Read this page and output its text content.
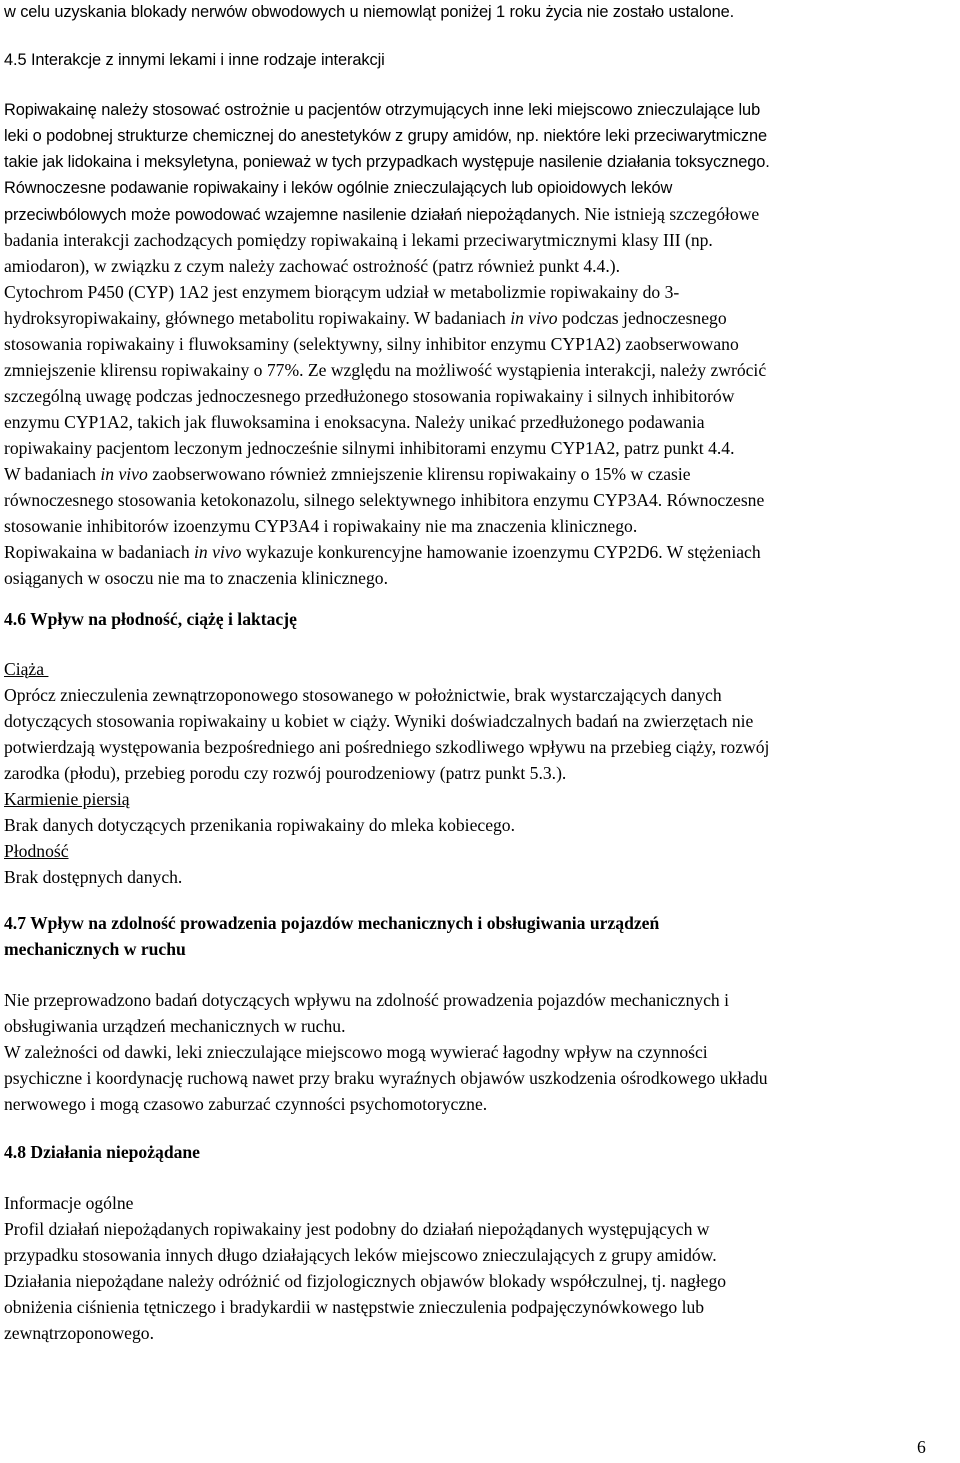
w celu uzyskania blokady nerwów obwodowych u niemowląt poniżej 1 roku życia nie zostało ustalone.
4.5 Interakcje z innymi lekami i inne rodzaje interakcji
Ropiwakainę należy stosować ostrożnie u pacjentów otrzymujących inne leki miejscowo znieczulające lub
leki o podobnej strukturze chemicznej do anestetyków z grupy amidów, np. niektóre leki przeciwarytmiczne
takie jak lidokaina i meksyletyna, ponieważ w tych przypadkach występuje nasilenie działania toksycznego.
Równoczesne podawanie ropiwakainy i leków ogólnie znieczulających lub opioidowych leków
przeciwbólowych może powodować wzajemne nasilenie działań niepożądanych. Nie istnieją szczegółowe
badania interakcji zachodzących pomiędzy ropiwakainą i lekami przeciwarytmicznymi klasy III (np.
amiodaron), w związku z czym należy zachować ostrożność (patrz również punkt 4.4.).
Cytochrom P450 (CYP) 1A2 jest enzymem biorącym udział w metabolizmie ropiwakainy do 3-
hydroksyropiwakainy, głównego metabolitu ropiwakainy. W badaniach in vivo podczas jednoczesnego
stosowania ropiwakainy i fluwoksaminy (selektywny, silny inhibitor enzymu CYP1A2) zaobserwowano
zmniejszenie klirensu ropiwakainy o 77%. Ze względu na możliwość wystąpienia interakcji, należy zwrócić
szczególną uwagę podczas jednoczesnego przedłużonego stosowania ropiwakainy i silnych inhibitorów
enzymu CYP1A2, takich jak fluwoksamina i enoksacyna. Należy unikać przedłużonego podawania
ropiwakainy pacjentom leczonym jednocześnie silnymi inhibitorami enzymu CYP1A2, patrz punkt 4.4.
W badaniach in vivo zaobserwowano również zmniejszenie klirensu ropiwakainy o 15% w czasie
równoczesnego stosowania ketokonazolu, silnego selektywnego inhibitora enzymu CYP3A4. Równoczesne
stosowanie inhibitorów izoenzymu CYP3A4 i ropiwakainy nie ma znaczenia klinicznego.
Ropiwakaina w badaniach in vivo wykazuje konkurencyjne hamowanie izoenzymu CYP2D6. W stężeniach
osiąganych w osoczu nie ma to znaczenia klinicznego.
4.6 Wpływ na płodność, ciążę i laktację
Ciąża
Oprócz znieczulenia zewnątrzoponowego stosowanego w położnictwie, brak wystarczających danych
dotyczących stosowania ropiwakainy u kobiet w ciąży. Wyniki doświadczalnych badań na zwierzętach nie
potwierdzają występowania bezpośredniego ani pośredniego szkodliwego wpływu na przebieg ciąży, rozwój
zarodka (płodu), przebieg porodu czy rozwój pourodzeniowy (patrz punkt 5.3.).
Karmienie piersią
Brak danych dotyczących przenikania ropiwakainy do mleka kobiecego.
Płodność
Brak dostępnych danych.
4.7 Wpływ na zdolność prowadzenia pojazdów mechanicznych i obsługiwania urządzeń
mechanicznych w ruchu
Nie przeprowadzono badań dotyczących wpływu na zdolność prowadzenia pojazdów mechanicznych i
obsługiwania urządzeń mechanicznych w ruchu.
W zależności od dawki, leki znieczulające miejscowo mogą wywierać łagodny wpływ na czynności
psychiczne i koordynację ruchową nawet przy braku wyraźnych objawów uszkodzenia ośrodkowego układu
nerwowego i mogą czasowo zaburzać czynności psychomotoryczne.
4.8 Działania niepożądane
Informacje ogólne
Profil działań niepożądanych ropiwakainy jest podobny do działań niepożądanych występujących w
przypadku stosowania innych długo działających leków miejscowo znieczulających z grupy amidów.
Działania niepożądane należy odróżnić od fizjologicznych objawów blokady współczulnej, tj. nagłego
obniżenia ciśnienia tętniczego i bradykardii w następstwie znieczulenia podpajęczynówkowego lub
zewnątrzoponowego.
6
